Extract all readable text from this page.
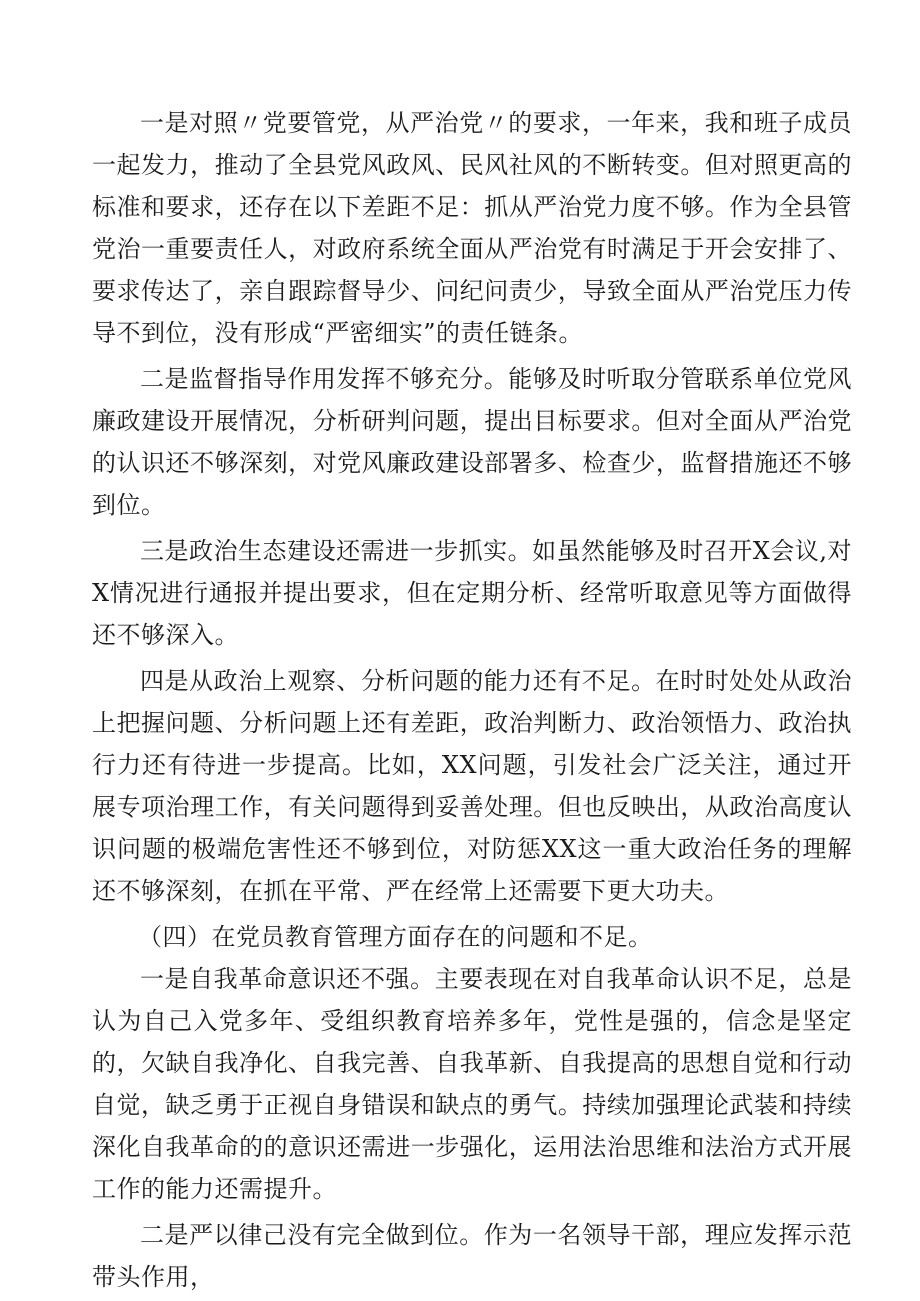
一是对照〃党要管党，从严治党〃的要求，一年来，我和班子成员一起发力，推动了全县党风政风、民风社风的不断转变。但对照更高的标准和要求，还存在以下差距不足：抓从严治党力度不够。作为全县管党治一重要责任人，对政府系统全面从严治党有时满足于开会安排了、要求传达了，亲自跟踪督导少、问纪问责少，导致全面从严治党压力传导不到位，没有形成“严密细实”的责任链条。

二是监督指导作用发挥不够充分。能够及时听取分管联系单位党风廉政建设开展情况，分析研判问题，提出目标要求。但对全面从严治党的认识还不够深刻，对党风廉政建设部署多、检查少，监督措施还不够到位。

三是政治生态建设还需进一步抓实。如虽然能够及时召开X会议,对X情况进行通报并提出要求，但在定期分析、经常听取意见等方面做得还不够深入。

四是从政治上观察、分析问题的能力还有不足。在时时处处从政治上把握问题、分析问题上还有差距，政治判断力、政治领悟力、政治执行力还有待进一步提高。比如，XX问题，引发社会广泛关注，通过开展专项治理工作，有关问题得到妥善处理。但也反映出，从政治高度认识问题的极端危害性还不够到位，对防惩XX这一重大政治任务的理解还不够深刻，在抓在平常、严在经常上还需要下更大功夫。

（四）在党员教育管理方面存在的问题和不足。

一是自我革命意识还不强。主要表现在对自我革命认识不足，总是认为自己入党多年、受组织教育培养多年，党性是强的，信念是坚定的，欠缺自我净化、自我完善、自我革新、自我提高的思想自觉和行动自觉，缺乏勇于正视自身错误和缺点的勇气。持续加强理论武装和持续深化自我革命的的意识还需进一步强化，运用法治思维和法治方式开展工作的能力还需提升。

二是严以律己没有完全做到位。作为一名领导干部，理应发挥示范带头作用，
